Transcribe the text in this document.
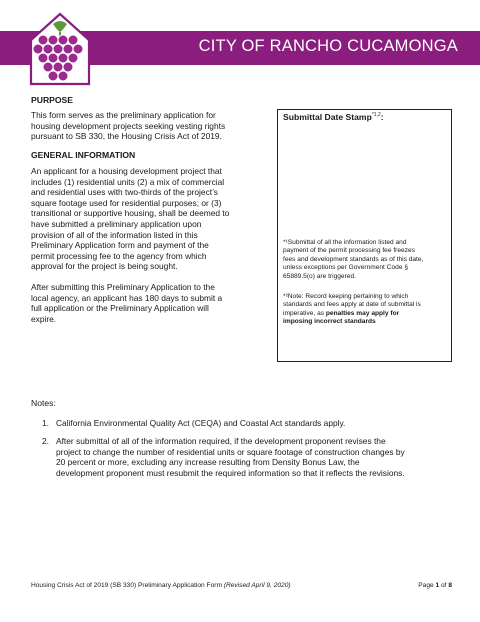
CITY OF RANCHO CUCAMONGA
PURPOSE
This form serves as the preliminary application for
housing development projects seeking vesting rights
pursuant to SB 330, the Housing Crisis Act of 2019.
GENERAL INFORMATION
An applicant for a housing development project that
includes (1) residential units (2) a mix of commercial
and residential uses with two-thirds of the project’s
square footage used for residential purposes; or (3)
transitional or supportive housing, shall be deemed to
have submitted a preliminary application upon
provision of all of the information listed in this
Preliminary Application form and payment of the
permit processing fee to the agency from which
approval for the project is being sought.
After submitting this Preliminary Application to the
local agency, an applicant has 180 days to submit a
full application or the Preliminary Application will
expire.
Submittal Date Stamp$^{*1,2}$:
*¹Submittal of all the information listed and
payment of the permit processing fee freezes
fees and development standards as of this date,
unless exceptions per Government Code §
65889.5(o) are triggered.
*²Note: Record keeping pertaining to which
standards and fees apply at date of submittal is
imperative, as penalties may apply for
imposing incorrect standards
Notes:
1. California Environmental Quality Act (CEQA) and Coastal Act standards apply.
2. After submittal of all of the information required, if the development proponent revises the
project to change the number of residential units or square footage of construction changes by
20 percent or more, excluding any increase resulting from Density Bonus Law, the
development proponent must resubmit the required information so that it reflects the revisions.
Housing Crisis Act of 2019 (SB 330) Preliminary Application Form (Revised April 9, 2020)	Page 1 of 8
